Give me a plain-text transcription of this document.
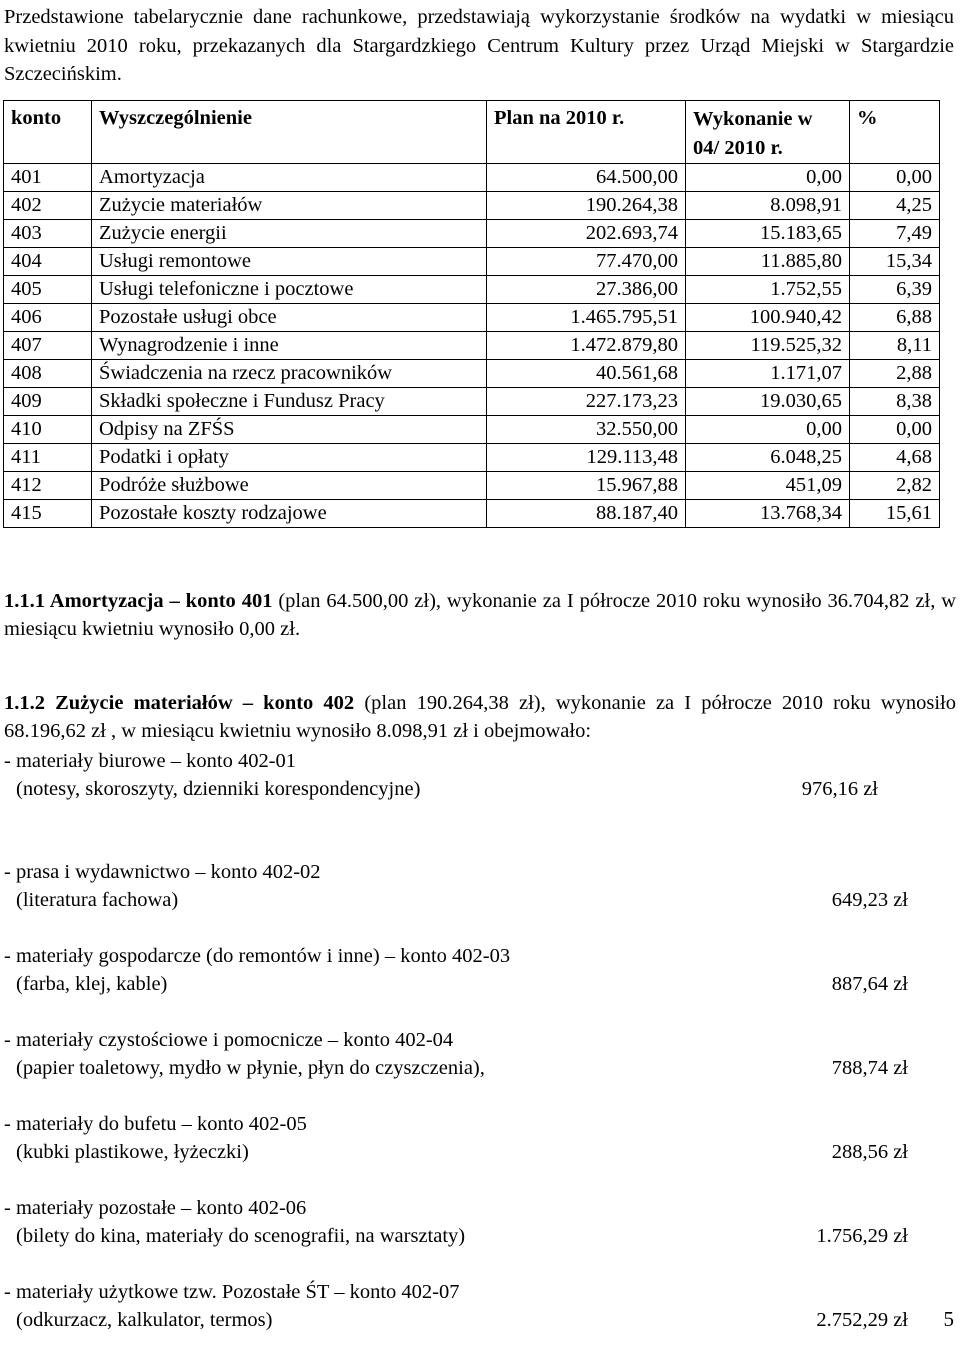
Przedstawione tabelarycznie dane rachunkowe, przedstawiają wykorzystanie środków na wydatki w miesiącu kwietniu 2010 roku, przekazanych dla Stargardzkiego Centrum Kultury przez Urząd Miejski w Stargardzie Szczecińskim.

konto	Wyszczególnienie	Plan na 2010 r.	Wykonanie w 04/ 2010 r.	%
401	Amortyzacja	64.500,00	0,00	0,00
402	Zużycie materiałów	190.264,38	8.098,91	4,25
403	Zużycie energii	202.693,74	15.183,65	7,49
404	Usługi remontowe	77.470,00	11.885,80	15,34
405	Usługi telefoniczne i pocztowe	27.386,00	1.752,55	6,39
406	Pozostałe usługi obce	1.465.795,51	100.940,42	6,88
407	Wynagrodzenie i inne	1.472.879,80	119.525,32	8,11
408	Świadczenia na rzecz pracowników	40.561,68	1.171,07	2,88
409	Składki społeczne i Fundusz Pracy	227.173,23	19.030,65	8,38
410	Odpisy na ZFŚS	32.550,00	0,00	0,00
411	Podatki i opłaty	129.113,48	6.048,25	4,68
412	Podróże służbowe	15.967,88	451,09	2,82
415	Pozostałe koszty rodzajowe	88.187,40	13.768,34	15,61
1.1.1 Amortyzacja – konto 401 (plan 64.500,00 zł), wykonanie za I półrocze 2010 roku wynosiło 36.704,82 zł, w miesiącu kwietniu wynosiło 0,00 zł.
1.1.2 Zużycie materiałów – konto 402 (plan 190.264,38 zł), wykonanie za I półrocze 2010 roku wynosiło 68.196,62 zł , w miesiącu kwietniu wynosiło 8.098,91 zł i obejmowało:
- materiały biurowe – konto 402-01
(notesy, skoroszyty, dzienniki korespondencyjne)	976,16 zł
- prasa i wydawnictwo – konto 402-02
(literatura fachowa)	649,23 zł
- materiały gospodarcze (do remontów i inne) – konto 402-03
(farba, klej, kable)	887,64 zł
- materiały czystościowe i pomocnicze – konto 402-04
(papier toaletowy, mydło w płynie, płyn do czyszczenia),	788,74 zł
- materiały do bufetu – konto 402-05
(kubki plastikowe, łyżeczki)	288,56 zł
- materiały pozostałe – konto 402-06
(bilety do kina, materiały do scenografii, na warsztaty)	1.756,29 zł
- materiały użytkowe tzw. Pozostałe ŚT – konto 402-07
(odkurzacz, kalkulator, termos)	2.752,29 zł 5
